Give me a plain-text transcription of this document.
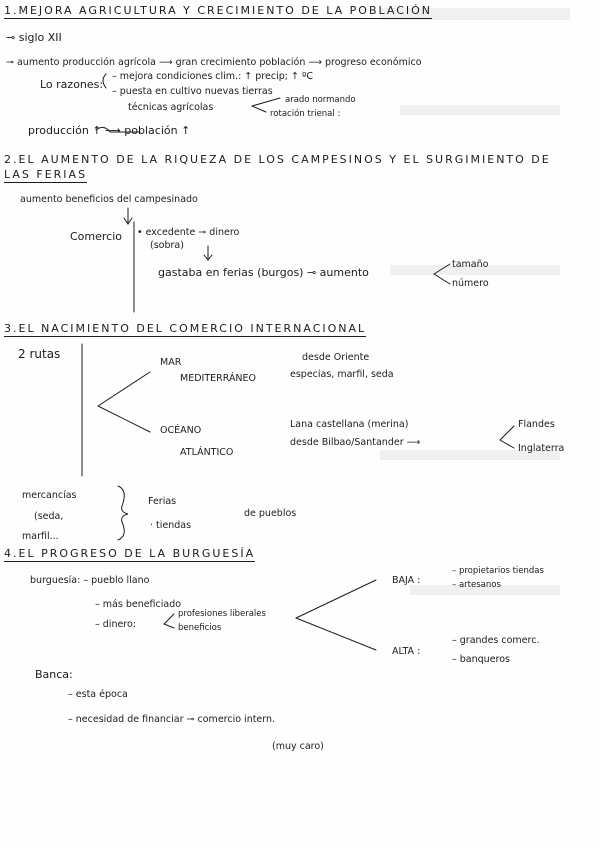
1.MEJORA AGRICULTURA Y CRECIMIENTO DE LA POBLACIÓN
⊸ siglo XII
⊸ aumento producción agrícola ⟶ gran crecimiento población ⟶ progreso económico
Lo razones:
– mejora condiciones clim.: ↑ precip; ↑ ºC
– puesta en cultivo nuevas tierras
técnicas agrícolas
arado normando
rotación trienal :
producción ↑ ⟶ población ↑
2.EL AUMENTO DE LA RIQUEZA DE LOS CAMPESINOS Y EL SURGIMIENTO DE
LAS FERIAS
aumento beneficios del campesinado
Comercio • excedente ⊸ dinero
(sobra)
gastaba en ferias (burgos) ⊸ aumento
tamaño
número
3.EL NACIMIENTO DEL COMERCIO INTERNACIONAL
2 rutas
MAR
MEDITERRÁNEO
desde Oriente
especias, marfil, seda
OCÉANO
ATLÁNTICO
Lana castellana (merina)
desde Bilbao/Santander ⟶
Flandes
Inglaterra
mercancías
(seda,
marfil...
Ferias
de pueblos
· tiendas
4.EL PROGRESO DE LA BURGUESÍA
burguesía: – pueblo llano
– más beneficiado
– dinero:
profesiones liberales
beneficios
BAJA :
– propietarios tiendas
– artesanos
ALTA :
– grandes comerc.
– banqueros
Banca:
– esta época
– necesidad de financiar ⊸ comercio intern.
(muy caro)
